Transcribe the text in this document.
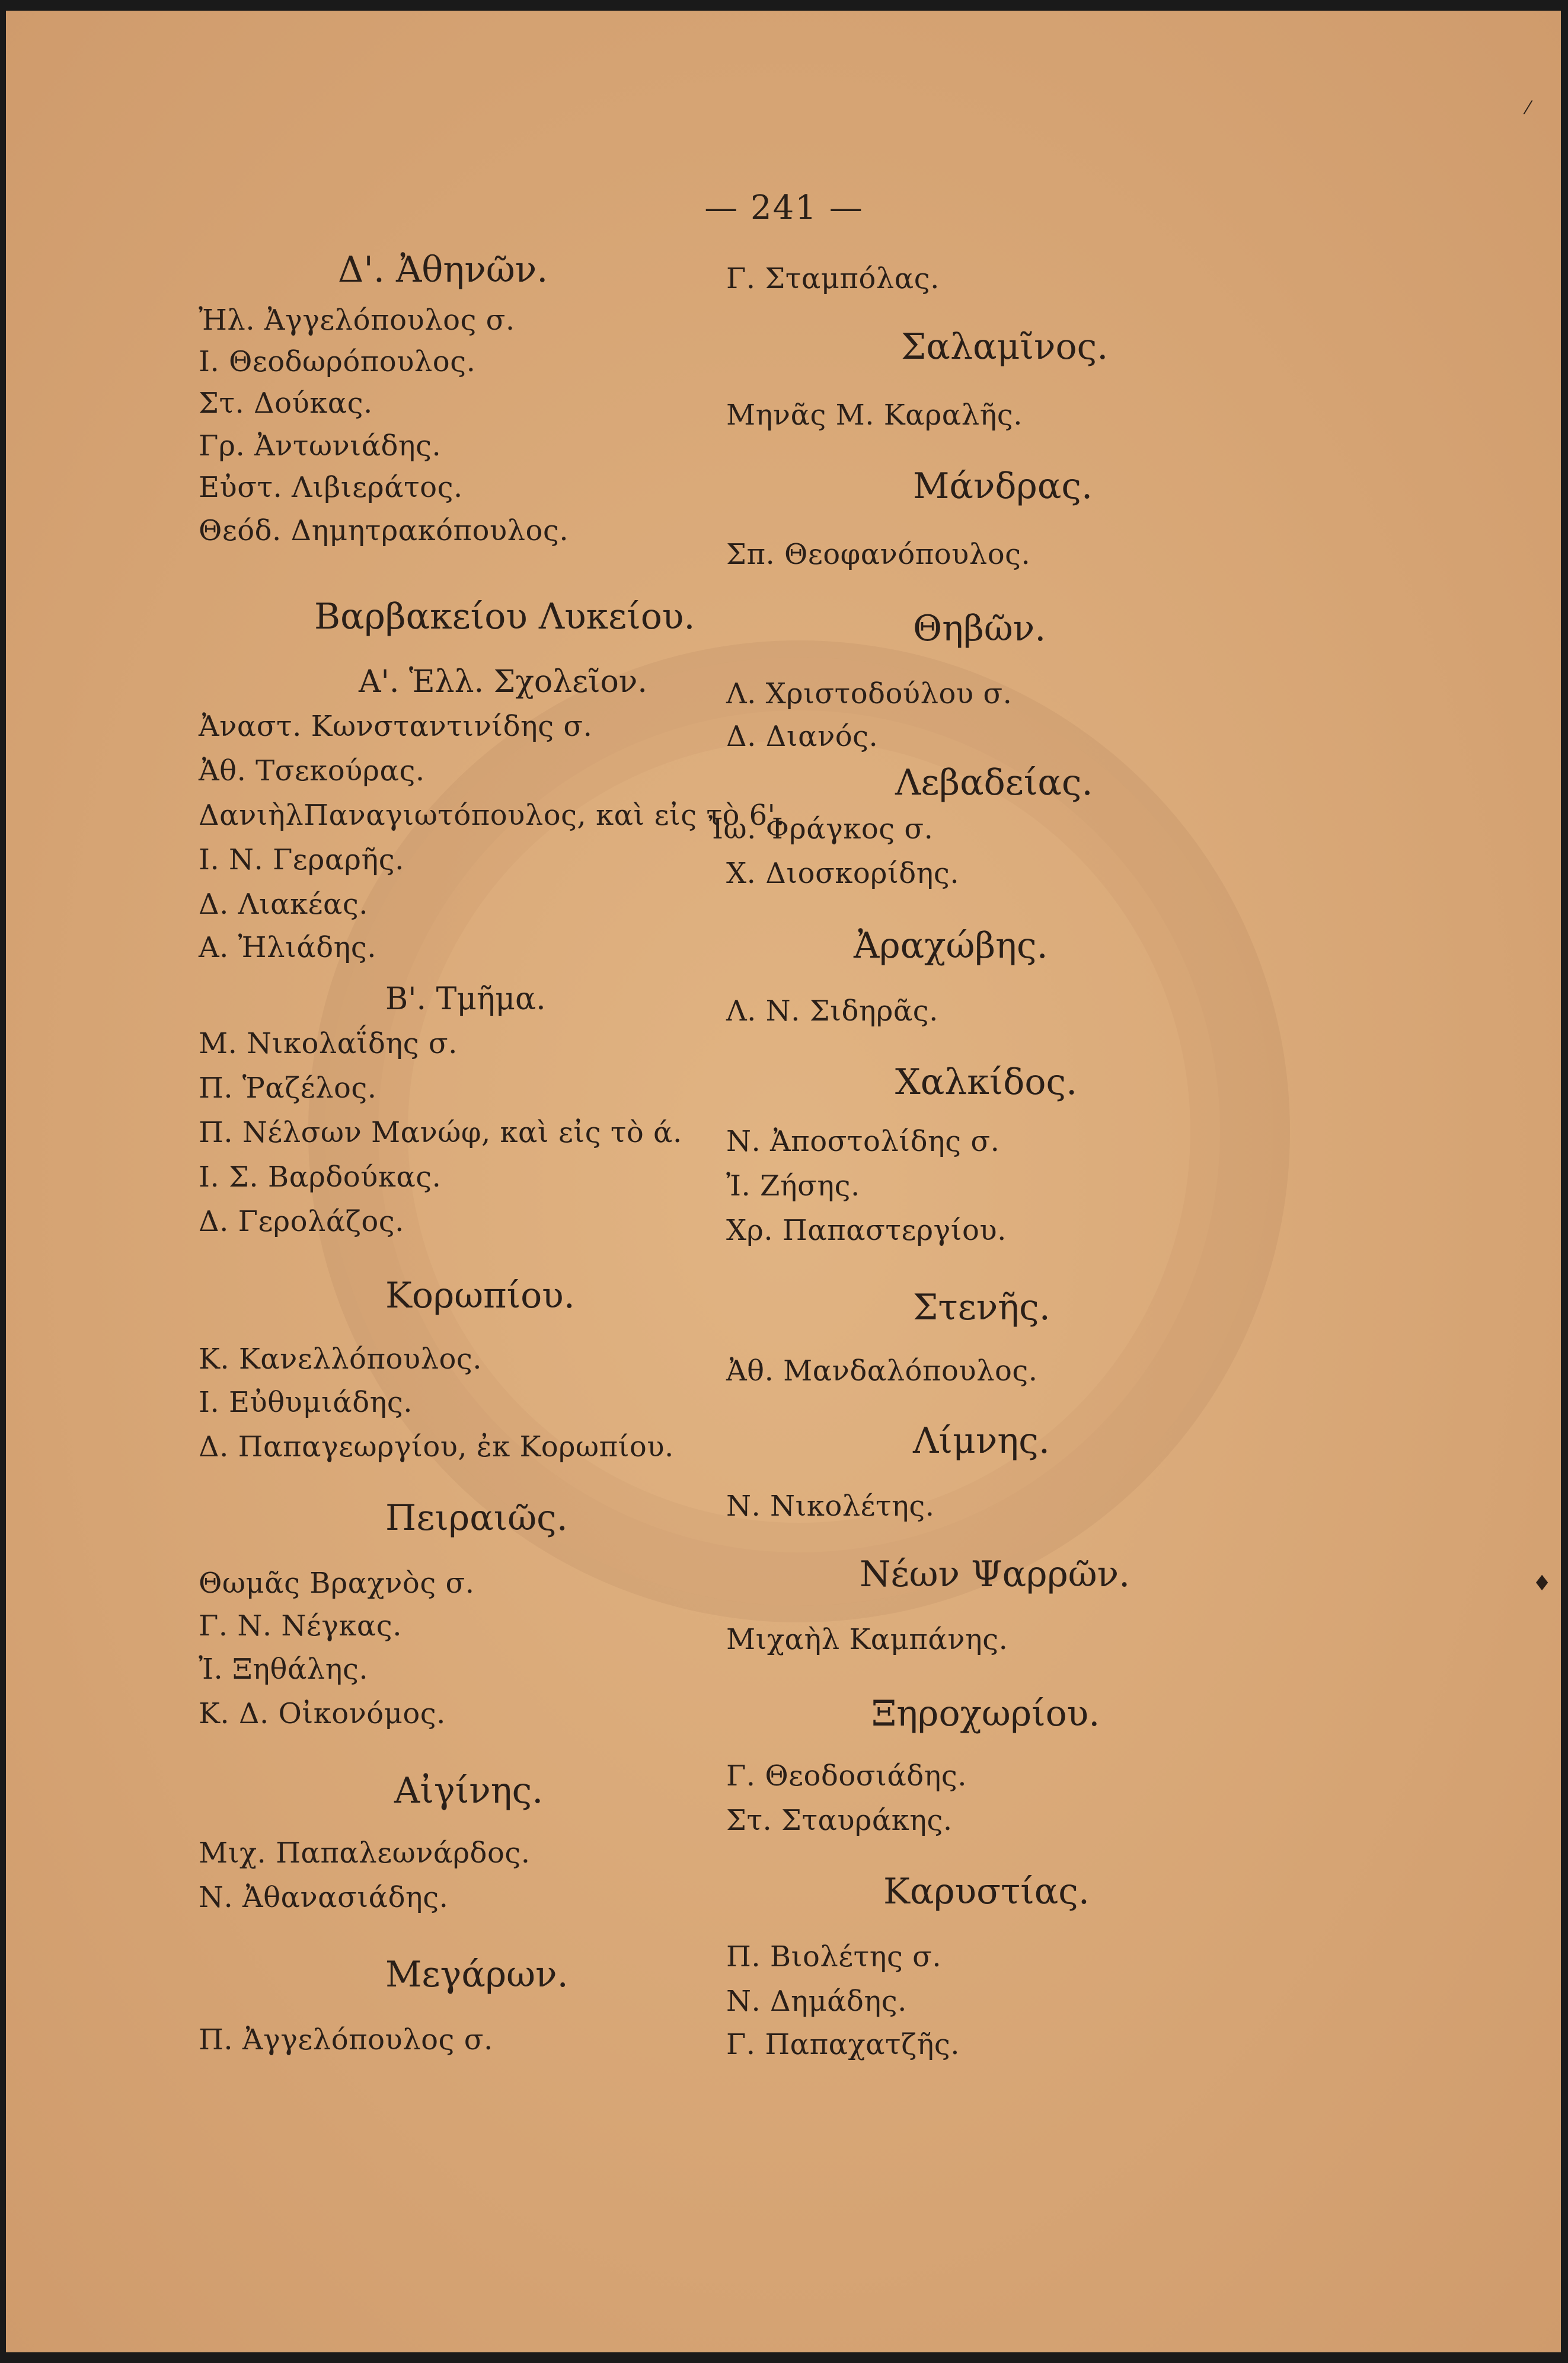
— 241 —
Δ'. Ἀθηνῶν.
Ἠλ. Ἀγγελόπουλος σ.
Ι. Θεοδωρόπουλος.
Στ. Δούκας.
Γρ. Ἀντωνιάδης.
Εὐστ. Λιβιεράτος.
Θεόδ. Δημητρακόπουλος.
Βαρβακείου Λυκείου.
Α'. Ἑλλ. Σχολεῖον.
Ἀναστ. Κωνσταντινίδης σ.
Ἀθ. Τσεκούρας.
ΔανιὴλΠαναγιωτόπουλος, καὶ εἰς τὸ 6'.
Ι. Ν. Γεραρῆς.
Δ. Λιακέας.
Α. Ἠλιάδης.
Β'. Τμῆμα.
Μ. Νικολαΐδης σ.
Π. Ῥαζέλος.
Π. Νέλσων Μανώφ, καὶ εἰς τὸ ά.
Ι. Σ. Βαρδούκας.
Δ. Γερολάζος.
Κορωπίου.
Κ. Κανελλόπουλος.
Ι. Εὐθυμιάδης.
Δ. Παπαγεωργίου, ἐκ Κορωπίου.
Πειραιῶς.
Θωμᾶς Βραχνὸς σ.
Γ. Ν. Νέγκας.
Ἰ. Ξηθάλης.
Κ. Δ. Οἰκονόμος.
Αἰγίνης.
Μιχ. Παπαλεωνάρδος.
Ν. Ἀθανασιάδης.
Μεγάρων.
Π. Ἀγγελόπουλος σ.
Γ. Σταμπόλας.
Σαλαμῖνος.
Μηνᾶς Μ. Καραλῆς.
Μάνδρας.
Σπ. Θεοφανόπουλος.
Θηβῶν.
Λ. Χριστοδούλου σ.
Δ. Διανός.
Λεβαδείας.
Ἰω. Φράγκος σ.
Χ. Διοσκορίδης.
Ἀραχώβης.
Λ. Ν. Σιδηρᾶς.
Χαλκίδος.
Ν. Ἀποστολίδης σ.
Ἰ. Ζήσης.
Χρ. Παπαστεργίου.
Στενῆς.
Ἀθ. Μανδαλόπουλος.
Λίμνης.
Ν. Νικολέτης.
Νέων Ψαρρῶν.
Μιχαὴλ Καμπάνης.
Ξηροχωρίου.
Γ. Θεοδοσιάδης.
Στ. Σταυράκης.
Καρυστίας.
Π. Βιολέτης σ.
Ν. Δημάδης.
Γ. Παπαχατζῆς.
♦
⁄
